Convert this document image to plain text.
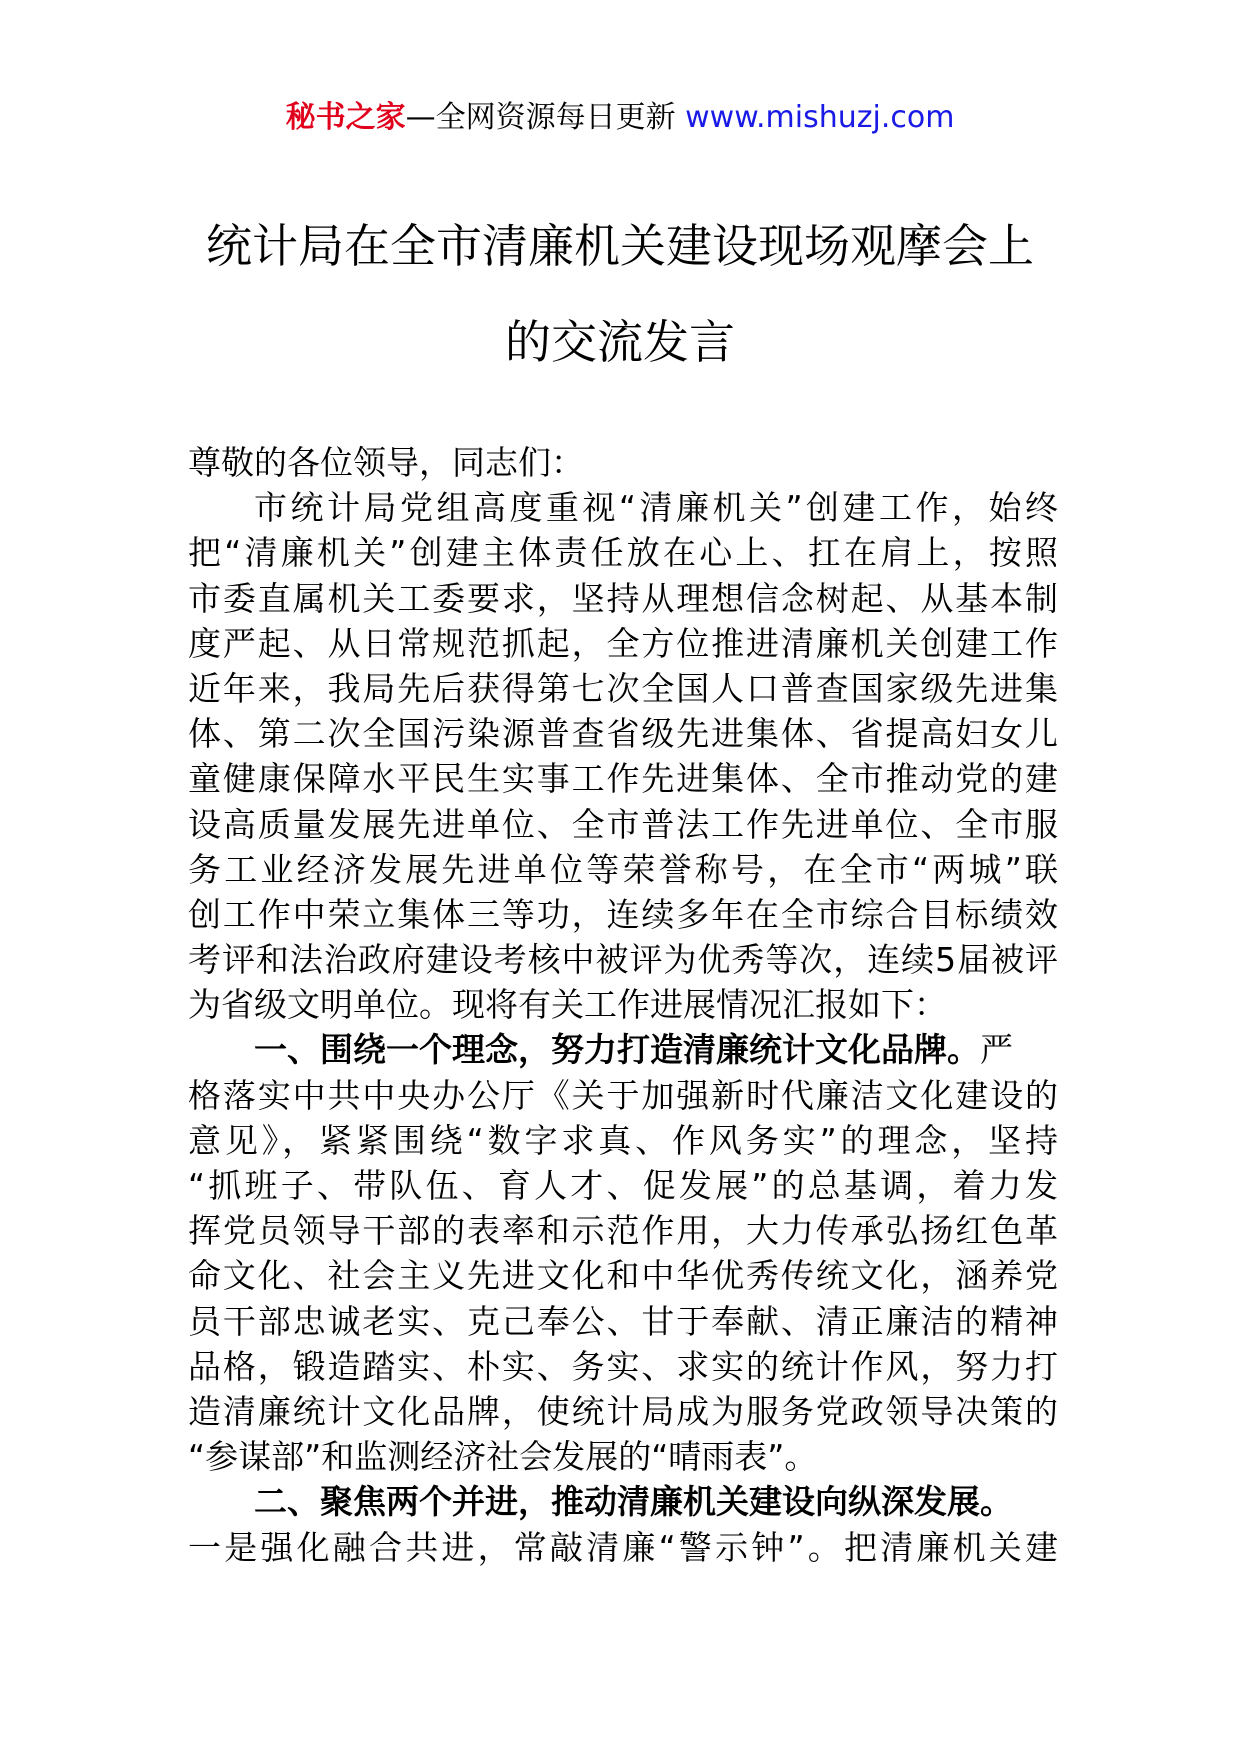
秘书之家—全网资源每日更新 www.mishuzj.com
统计局在全市清廉机关建设现场观摩会上
的交流发言
尊敬的各位领导，同志们：
市统计局党组高度重视“清廉机关”创建工作，始终
把“清廉机关”创建主体责任放在心上、扛在肩上，按照
市委直属机关工委要求，坚持从理想信念树起、从基本制
度严起、从日常规范抓起，全方位推进清廉机关创建工作
近年来，我局先后获得第七次全国人口普查国家级先进集
体、第二次全国污染源普查省级先进集体、省提高妇女儿
童健康保障水平民生实事工作先进集体、全市推动党的建
设高质量发展先进单位、全市普法工作先进单位、全市服
务工业经济发展先进单位等荣誉称号，在全市“两城”联
创工作中荣立集体三等功，连续多年在全市综合目标绩效
考评和法治政府建设考核中被评为优秀等次，连续5届被评
为省级文明单位。现将有关工作进展情况汇报如下：
一、围绕一个理念，努力打造清廉统计文化品牌。严
格落实中共中央办公厅《关于加强新时代廉洁文化建设的
意见》，紧紧围绕“数字求真、作风务实”的理念，坚持
“抓班子、带队伍、育人才、促发展”的总基调，着力发
挥党员领导干部的表率和示范作用，大力传承弘扬红色革
命文化、社会主义先进文化和中华优秀传统文化，涵养党
员干部忠诚老实、克己奉公、甘于奉献、清正廉洁的精神
品格，锻造踏实、朴实、务实、求实的统计作风，努力打
造清廉统计文化品牌，使统计局成为服务党政领导决策的
“参谋部”和监测经济社会发展的“晴雨表”。
二、聚焦两个并进，推动清廉机关建设向纵深发展。
一是强化融合共进，常敲清廉“警示钟”。把清廉机关建
